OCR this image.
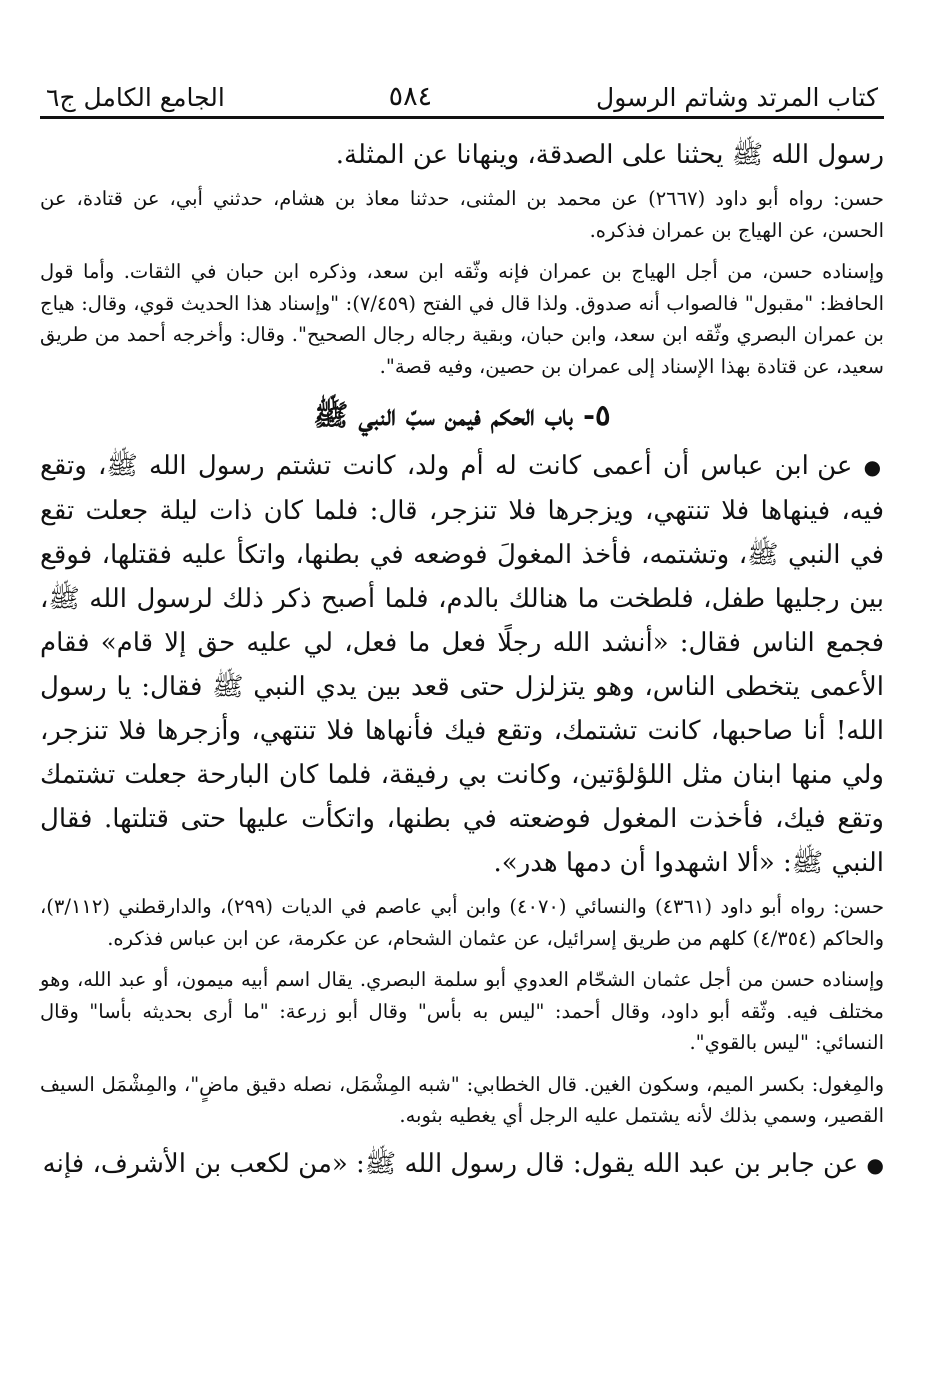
كتاب المرتد وشاتم الرسول
٥٨٤
الجامع الكامل ج٦

رسول الله ﷺ يحثنا على الصدقة، وينهانا عن المثلة.

حسن: رواه أبو داود (٢٦٦٧) عن محمد بن المثنى، حدثنا معاذ بن هشام، حدثني أبي، عن قتادة، عن الحسن، عن الهياج بن عمران فذكره.

وإسناده حسن، من أجل الهياج بن عمران فإنه وثّقه ابن سعد، وذكره ابن حبان في الثقات. وأما قول الحافظ: "مقبول" فالصواب أنه صدوق. ولذا قال في الفتح (٧/٤٥٩): "وإسناد هذا الحديث قوي، وقال: هياج بن عمران البصري وثّقه ابن سعد، وابن حبان، وبقية رجاله رجال الصحيح". وقال: وأخرجه أحمد من طريق سعيد، عن قتادة بهذا الإسناد إلى عمران بن حصين، وفيه قصة".

٥- باب الحكم فيمن سبّ النبي ﷺ

● عن ابن عباس أن أعمى كانت له أم ولد، كانت تشتم رسول الله ﷺ، وتقع فيه، فينهاها فلا تنتهي، ويزجرها فلا تنزجر، قال: فلما كان ذات ليلة جعلت تقع في النبي ﷺ، وتشتمه، فأخذ المغولَ فوضعه في بطنها، واتكأ عليه فقتلها، فوقع بين رجليها طفل، فلطخت ما هنالك بالدم، فلما أصبح ذكر ذلك لرسول الله ﷺ، فجمع الناس فقال: «أنشد الله رجلًا فعل ما فعل، لي عليه حق إلا قام» فقام الأعمى يتخطى الناس، وهو يتزلزل حتى قعد بين يدي النبي ﷺ فقال: يا رسول الله! أنا صاحبها، كانت تشتمك، وتقع فيك فأنهاها فلا تنتهي، وأزجرها فلا تنزجر، ولي منها ابنان مثل اللؤلؤتين، وكانت بي رفيقة، فلما كان البارحة جعلت تشتمك وتقع فيك، فأخذت المغول فوضعته في بطنها، واتكأت عليها حتى قتلتها. فقال النبي ﷺ: «ألا اشهدوا أن دمها هدر».

حسن: رواه أبو داود (٤٣٦١) والنسائي (٤٠٧٠) وابن أبي عاصم في الديات (٢٩٩)، والدارقطني (٣/١١٢)، والحاكم (٤/٣٥٤) كلهم من طريق إسرائيل، عن عثمان الشحام، عن عكرمة، عن ابن عباس فذكره.

وإسناده حسن من أجل عثمان الشحّام العدوي أبو سلمة البصري. يقال اسم أبيه ميمون، أو عبد الله، وهو مختلف فيه. وثّقه أبو داود، وقال أحمد: "ليس به بأس" وقال أبو زرعة: "ما أرى بحديثه بأسا" وقال النسائي: "ليس بالقوي".

والمِغول: بكسر الميم، وسكون الغين. قال الخطابي: "شبه المِشْمَل، نصله دقيق ماضٍ"، والمِشْمَل السيف القصير، وسمي بذلك لأنه يشتمل عليه الرجل أي يغطيه بثوبه.

● عن جابر بن عبد الله يقول: قال رسول الله ﷺ: «من لكعب بن الأشرف، فإنه
